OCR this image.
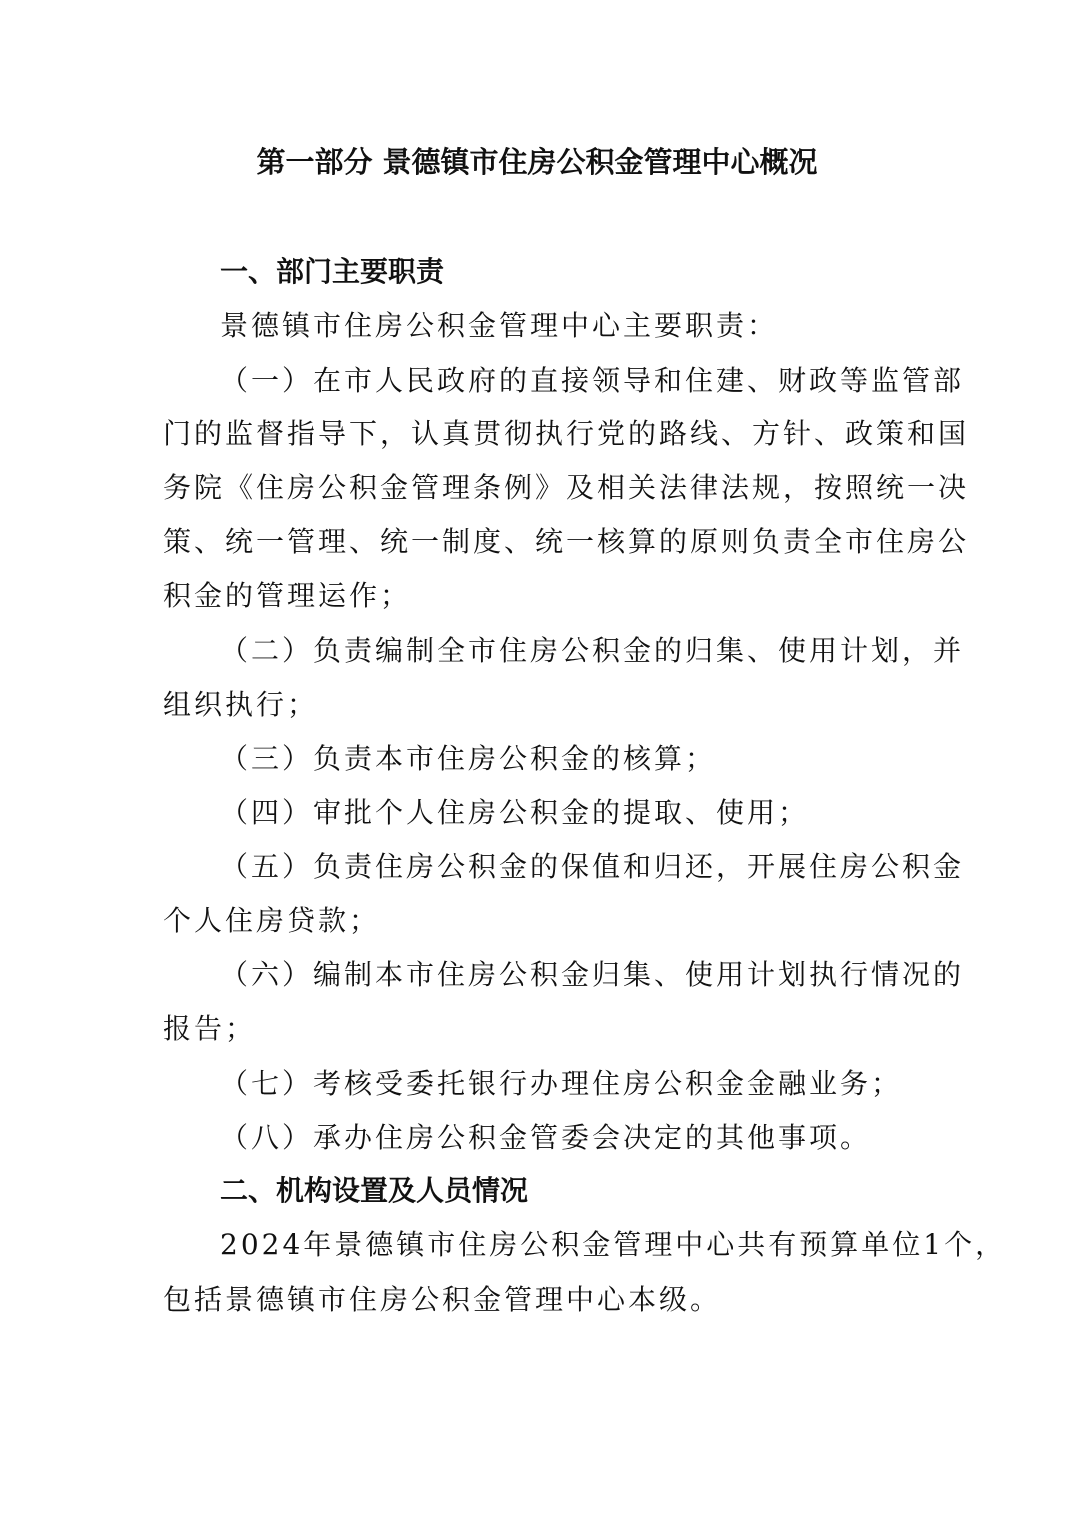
第一部分 景德镇市住房公积金管理中心概况
一、部门主要职责
景德镇市住房公积金管理中心主要职责：
（一）在市人民政府的直接领导和住建、财政等监管部
门的监督指导下，认真贯彻执行党的路线、方针、政策和国
务院《住房公积金管理条例》及相关法律法规，按照统一决
策、统一管理、统一制度、统一核算的原则负责全市住房公
积金的管理运作；
（二）负责编制全市住房公积金的归集、使用计划，并
组织执行；
（三）负责本市住房公积金的核算；
（四）审批个人住房公积金的提取、使用；
（五）负责住房公积金的保值和归还，开展住房公积金
个人住房贷款；
（六）编制本市住房公积金归集、使用计划执行情况的
报告；
（七）考核受委托银行办理住房公积金金融业务；
（八）承办住房公积金管委会决定的其他事项。
二、机构设置及人员情况
2024年景德镇市住房公积金管理中心共有预算单位1个，
包括景德镇市住房公积金管理中心本级。
